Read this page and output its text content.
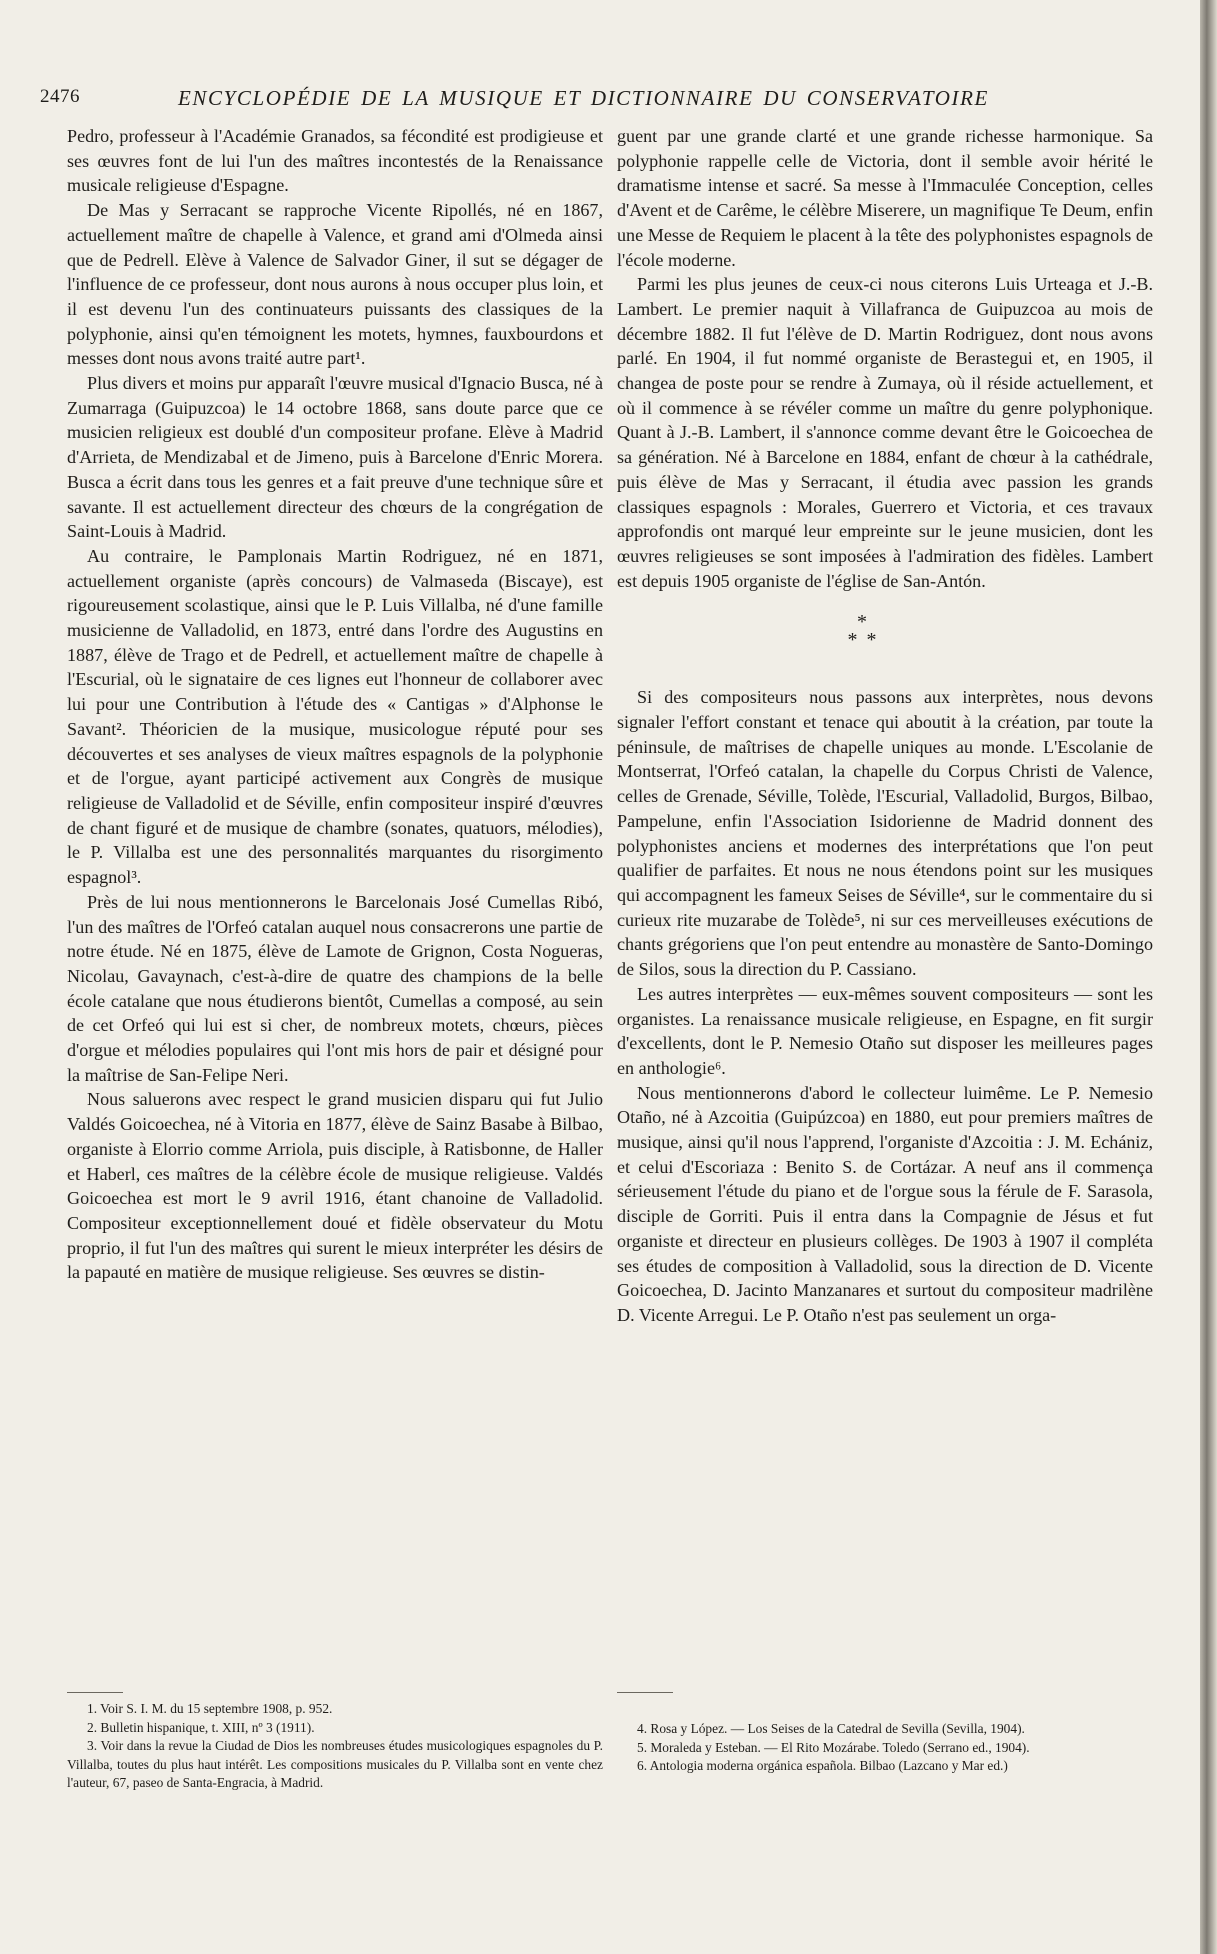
2476	ENCYCLOPÉDIE DE LA MUSIQUE ET DICTIONNAIRE DU CONSERVATOIRE

Pedro, professeur à l'Académie Granados, sa fécondité est prodigieuse et ses œuvres font de lui l'un des maîtres incontestés de la Renaissance musicale religieuse d'Espagne.

De Mas y Serracant se rapproche Vicente Ripollés, né en 1867, actuellement maître de chapelle à Valence, et grand ami d'Olmeda ainsi que de Pedrell. Elève à Valence de Salvador Giner, il sut se dégager de l'influence de ce professeur, dont nous aurons à nous occuper plus loin, et il est devenu l'un des continuateurs puissants des classiques de la polyphonie, ainsi qu'en témoignent les motets, hymnes, fauxbourdons et messes dont nous avons traité autre part¹.

Plus divers et moins pur apparaît l'œuvre musical d'Ignacio Busca, né à Zumarraga (Guipuzcoa) le 14 octobre 1868, sans doute parce que ce musicien religieux est doublé d'un compositeur profane. Elève à Madrid d'Arrieta, de Mendizabal et de Jimeno, puis à Barcelone d'Enric Morera. Busca a écrit dans tous les genres et a fait preuve d'une technique sûre et savante. Il est actuellement directeur des chœurs de la congrégation de Saint-Louis à Madrid.

Au contraire, le Pamplonais Martin Rodriguez, né en 1871, actuellement organiste (après concours) de Valmaseda (Biscaye), est rigoureusement scolastique, ainsi que le P. Luis Villalba, né d'une famille musicienne de Valladolid, en 1873, entré dans l'ordre des Augustins en 1887, élève de Trago et de Pedrell, et actuellement maître de chapelle à l'Escurial, où le signataire de ces lignes eut l'honneur de collaborer avec lui pour une Contribution à l'étude des « Cantigas » d'Alphonse le Savant². Théoricien de la musique, musicologue réputé pour ses découvertes et ses analyses de vieux maîtres espagnols de la polyphonie et de l'orgue, ayant participé activement aux Congrès de musique religieuse de Valladolid et de Séville, enfin compositeur inspiré d'œuvres de chant figuré et de musique de chambre (sonates, quatuors, mélodies), le P. Villalba est une des personnalités marquantes du risorgimento espagnol³.

Près de lui nous mentionnerons le Barcelonais José Cumellas Ribó, l'un des maîtres de l'Orfeó catalan auquel nous consacrerons une partie de notre étude. Né en 1875, élève de Lamote de Grignon, Costa Nogueras, Nicolau, Gavaynach, c'est-à-dire de quatre des champions de la belle école catalane que nous étudierons bientôt, Cumellas a composé, au sein de cet Orfeó qui lui est si cher, de nombreux motets, chœurs, pièces d'orgue et mélodies populaires qui l'ont mis hors de pair et désigné pour la maîtrise de San-Felipe Neri.

Nous saluerons avec respect le grand musicien disparu qui fut Julio Valdés Goicoechea, né à Vitoria en 1877, élève de Sainz Basabe à Bilbao, organiste à Elorrio comme Arriola, puis disciple, à Ratisbonne, de Haller et Haberl, ces maîtres de la célèbre école de musique religieuse. Valdés Goicoechea est mort le 9 avril 1916, étant chanoine de Valladolid. Compositeur exceptionnellement doué et fidèle observateur du Motu proprio, il fut l'un des maîtres qui surent le mieux interpréter les désirs de la papauté en matière de musique religieuse. Ses œuvres se distin-

guent par une grande clarté et une grande richesse harmonique. Sa polyphonie rappelle celle de Victoria, dont il semble avoir hérité le dramatisme intense et sacré. Sa messe à l'Immaculée Conception, celles d'Avent et de Carême, le célèbre Miserere, un magnifique Te Deum, enfin une Messe de Requiem le placent à la tête des polyphonistes espagnols de l'école moderne.

Parmi les plus jeunes de ceux-ci nous citerons Luis Urteaga et J.-B. Lambert. Le premier naquit à Villafranca de Guipuzcoa au mois de décembre 1882. Il fut l'élève de D. Martin Rodriguez, dont nous avons parlé. En 1904, il fut nommé organiste de Berastegui et, en 1905, il changea de poste pour se rendre à Zumaya, où il réside actuellement, et où il commence à se révéler comme un maître du genre polyphonique. Quant à J.-B. Lambert, il s'annonce comme devant être le Goicoechea de sa génération. Né à Barcelone en 1884, enfant de chœur à la cathédrale, puis élève de Mas y Serracant, il étudia avec passion les grands classiques espagnols : Morales, Guerrero et Victoria, et ces travaux approfondis ont marqué leur empreinte sur le jeune musicien, dont les œuvres religieuses se sont imposées à l'admiration des fidèles. Lambert est depuis 1905 organiste de l'église de San-Antón.

*
* *

Si des compositeurs nous passons aux interprètes, nous devons signaler l'effort constant et tenace qui aboutit à la création, par toute la péninsule, de maîtrises de chapelle uniques au monde. L'Escolanie de Montserrat, l'Orfeó catalan, la chapelle du Corpus Christi de Valence, celles de Grenade, Séville, Tolède, l'Escurial, Valladolid, Burgos, Bilbao, Pampelune, enfin l'Association Isidorienne de Madrid donnent des polyphonistes anciens et modernes des interprétations que l'on peut qualifier de parfaites. Et nous ne nous étendons point sur les musiques qui accompagnent les fameux Seises de Séville⁴, sur le commentaire du si curieux rite muzarabe de Tolède⁵, ni sur ces merveilleuses exécutions de chants grégoriens que l'on peut entendre au monastère de Santo-Domingo de Silos, sous la direction du P. Cassiano.

Les autres interprètes — eux-mêmes souvent compositeurs — sont les organistes. La renaissance musicale religieuse, en Espagne, en fit surgir d'excellents, dont le P. Nemesio Otaño sut disposer les meilleures pages en anthologie⁶.

Nous mentionnerons d'abord le collecteur luimême. Le P. Nemesio Otaño, né à Azcoitia (Guipúzcoa) en 1880, eut pour premiers maîtres de musique, ainsi qu'il nous l'apprend, l'organiste d'Azcoitia : J. M. Echániz, et celui d'Escoriaza : Benito S. de Cortázar. A neuf ans il commença sérieusement l'étude du piano et de l'orgue sous la férule de F. Sarasola, disciple de Gorriti. Puis il entra dans la Compagnie de Jésus et fut organiste et directeur en plusieurs collèges. De 1903 à 1907 il compléta ses études de composition à Valladolid, sous la direction de D. Vicente Goicoechea, D. Jacinto Manzanares et surtout du compositeur madrilène D. Vicente Arregui. Le P. Otaño n'est pas seulement un orga-

1. Voir S. I. M. du 15 septembre 1908, p. 952.

2. Bulletin hispanique, t. XIII, nº 3 (1911).

3. Voir dans la revue la Ciudad de Dios les nombreuses études musicologiques espagnoles du P. Villalba, toutes du plus haut intérêt. Les compositions musicales du P. Villalba sont en vente chez l'auteur, 67, paseo de Santa-Engracia, à Madrid.

4. Rosa y López. — Los Seises de la Catedral de Sevilla (Sevilla, 1904).

5. Moraleda y Esteban. — El Rito Mozárabe. Toledo (Serrano ed., 1904).

6. Antologia moderna orgánica española. Bilbao (Lazcano y Mar ed.)
